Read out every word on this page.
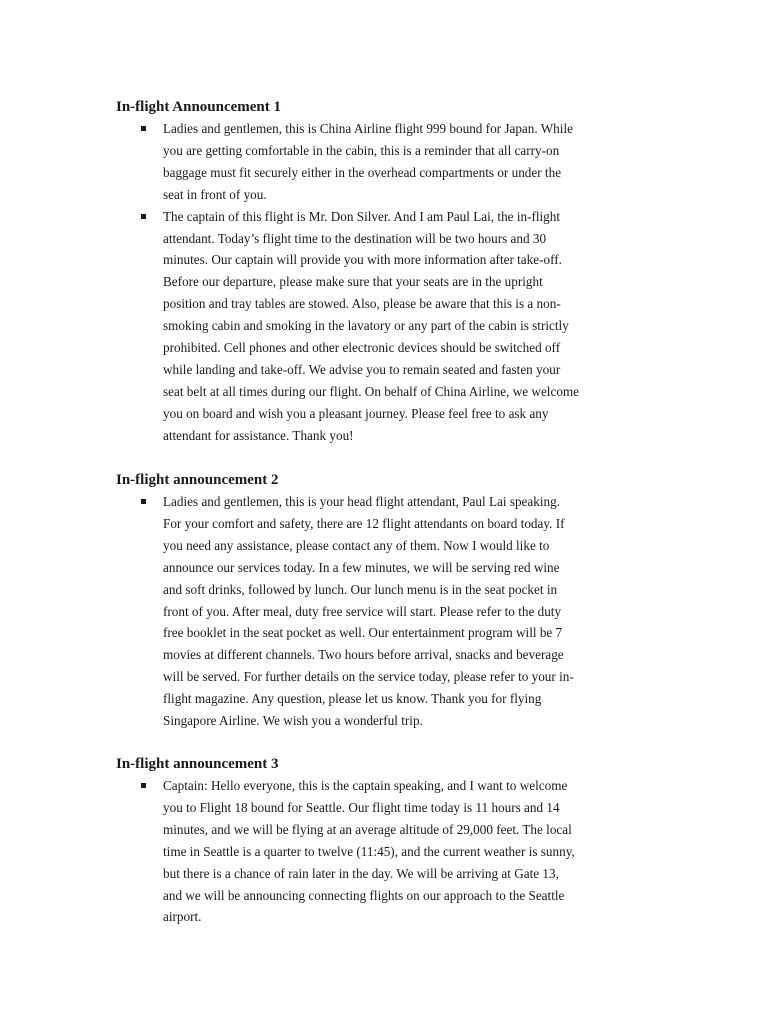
In-flight Announcement 1
Ladies and gentlemen, this is China Airline flight 999 bound for Japan. While
you are getting comfortable in the cabin, this is a reminder that all carry-on
baggage must fit securely either in the overhead compartments or under the
seat in front of you.
The captain of this flight is Mr. Don Silver. And I am Paul Lai, the in-flight
attendant. Today’s flight time to the destination will be two hours and 30
minutes. Our captain will provide you with more information after take-off.
Before our departure, please make sure that your seats are in the upright
position and tray tables are stowed. Also, please be aware that this is a non-
smoking cabin and smoking in the lavatory or any part of the cabin is strictly
prohibited. Cell phones and other electronic devices should be switched off
while landing and take-off. We advise you to remain seated and fasten your
seat belt at all times during our flight. On behalf of China Airline, we welcome
you on board and wish you a pleasant journey. Please feel free to ask any
attendant for assistance. Thank you!
In-flight announcement 2
Ladies and gentlemen, this is your head flight attendant, Paul Lai speaking.
For your comfort and safety, there are 12 flight attendants on board today. If
you need any assistance, please contact any of them. Now I would like to
announce our services today. In a few minutes, we will be serving red wine
and soft drinks, followed by lunch. Our lunch menu is in the seat pocket in
front of you. After meal, duty free service will start. Please refer to the duty
free booklet in the seat pocket as well. Our entertainment program will be 7
movies at different channels. Two hours before arrival, snacks and beverage
will be served. For further details on the service today, please refer to your in-
flight magazine. Any question, please let us know. Thank you for flying
Singapore Airline. We wish you a wonderful trip.
In-flight announcement 3
Captain: Hello everyone, this is the captain speaking, and I want to welcome
you to Flight 18 bound for Seattle. Our flight time today is 11 hours and 14
minutes, and we will be flying at an average altitude of 29,000 feet. The local
time in Seattle is a quarter to twelve (11:45), and the current weather is sunny,
but there is a chance of rain later in the day. We will be arriving at Gate 13,
and we will be announcing connecting flights on our approach to the Seattle
airport.
